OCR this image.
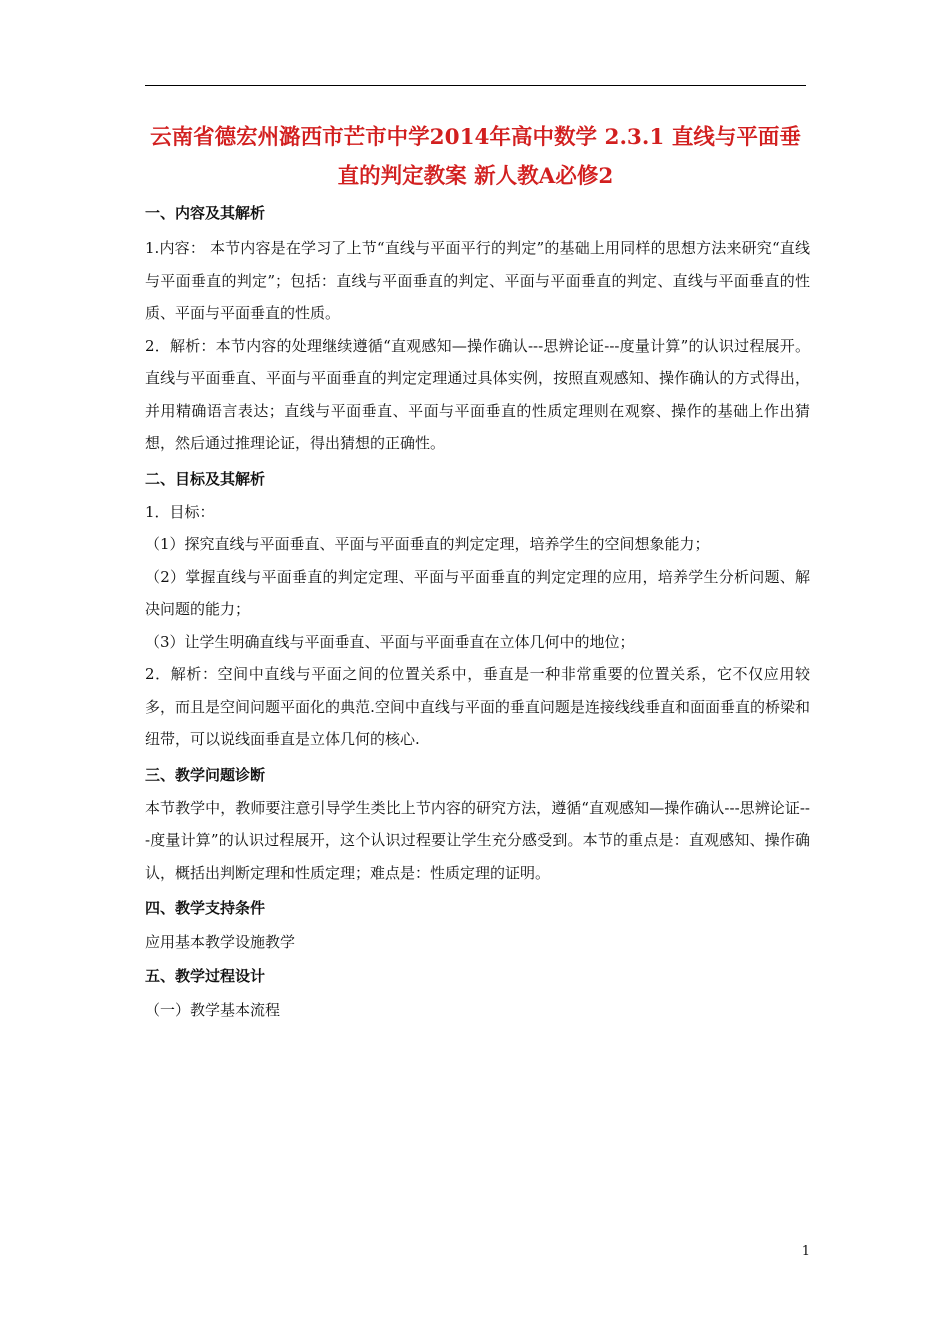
云南省德宏州潞西市芒市中学2014年高中数学 2.3.1 直线与平面垂直的判定教案 新人教A必修2
一、内容及其解析

1.内容： 本节内容是在学习了上节“直线与平面平行的判定”的基础上用同样的思想方法来研究“直线与平面垂直的判定”；包括：直线与平面垂直的判定、平面与平面垂直的判定、直线与平面垂直的性质、平面与平面垂直的性质。

2．解析：本节内容的处理继续遵循“直观感知—操作确认---思辨论证---度量计算”的认识过程展开。直线与平面垂直、平面与平面垂直的判定定理通过具体实例，按照直观感知、操作确认的方式得出，并用精确语言表达；直线与平面垂直、平面与平面垂直的性质定理则在观察、操作的基础上作出猜想，然后通过推理论证，得出猜想的正确性。

二、目标及其解析

1．目标：

（1）探究直线与平面垂直、平面与平面垂直的判定定理，培养学生的空间想象能力；

（2）掌握直线与平面垂直的判定定理、平面与平面垂直的判定定理的应用，培养学生分析问题、解决问题的能力；

（3）让学生明确直线与平面垂直、平面与平面垂直在立体几何中的地位；

2．解析：空间中直线与平面之间的位置关系中，垂直是一种非常重要的位置关系，它不仅应用较多，而且是空间问题平面化的典范.空间中直线与平面的垂直问题是连接线线垂直和面面垂直的桥梁和纽带，可以说线面垂直是立体几何的核心.

三、教学问题诊断

本节教学中，教师要注意引导学生类比上节内容的研究方法，遵循“直观感知—操作确认---思辨论证---度量计算”的认识过程展开，这个认识过程要让学生充分感受到。本节的重点是：直观感知、操作确认，概括出判断定理和性质定理；难点是：性质定理的证明。

四、教学支持条件

应用基本教学设施教学

五、教学过程设计

（一）教学基本流程

1
